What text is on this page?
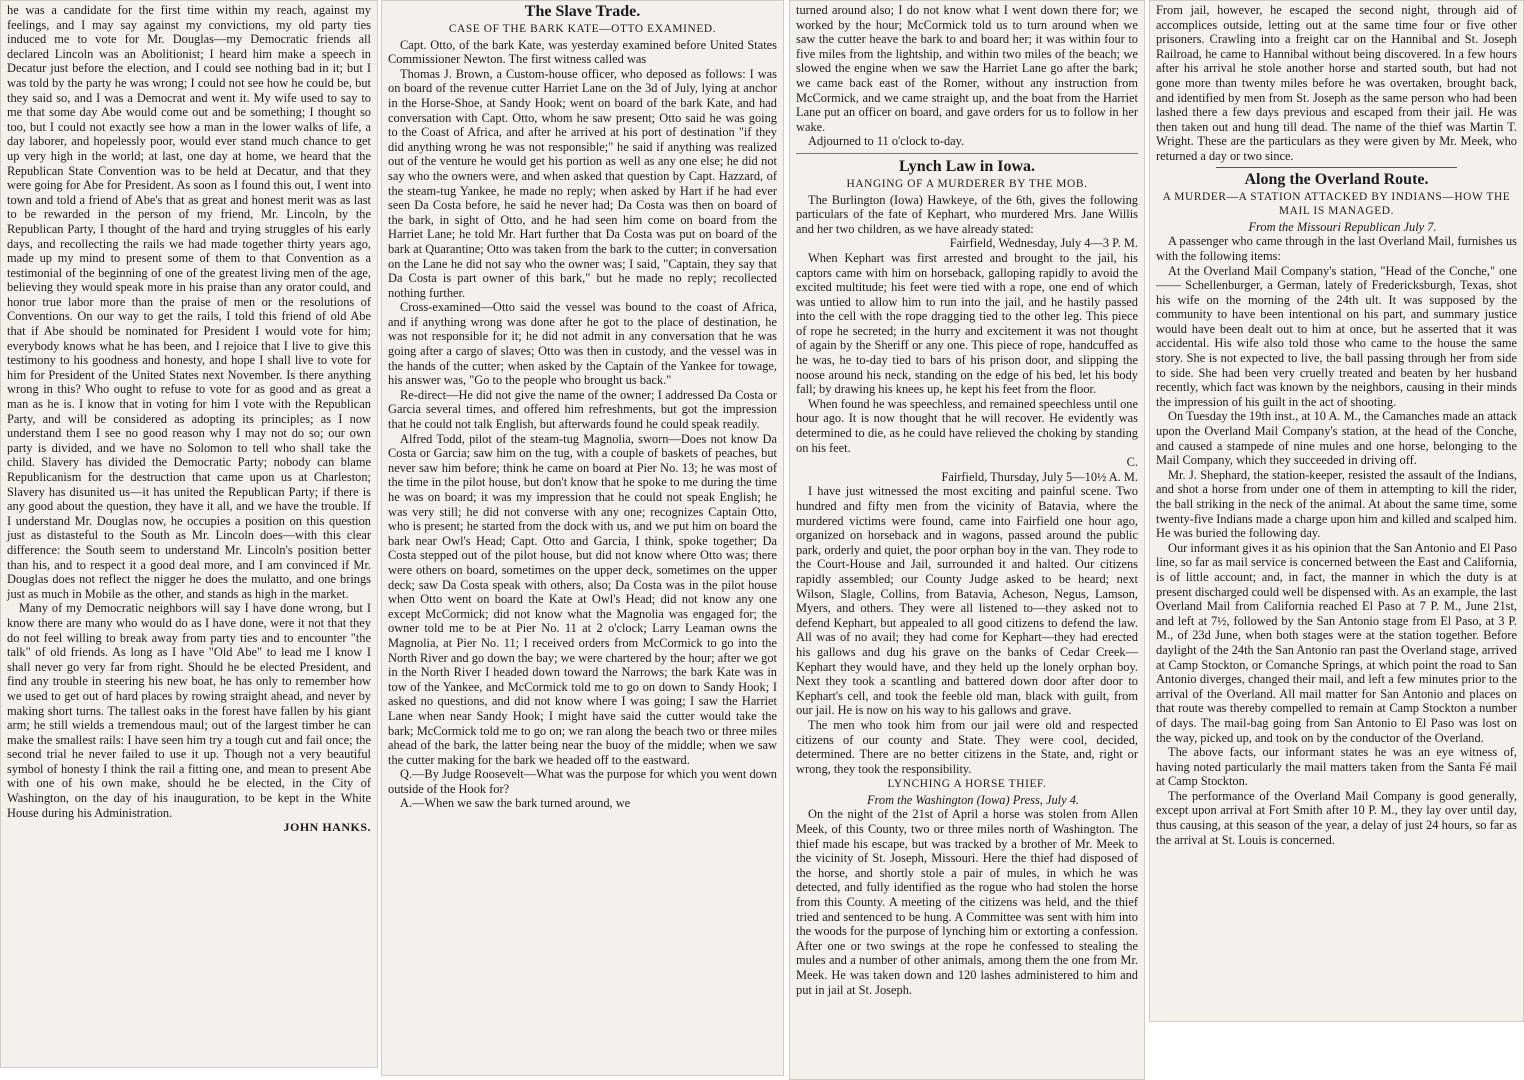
he was a candidate for the first time within my reach, against my feelings, and I may say against my convictions, my old party ties induced me to vote for Mr. Douglas—my Democratic friends all declared Lincoln was an Abolitionist; I heard him make a speech in Decatur just before the election, and I could see nothing bad in it; but I was told by the party he was wrong; I could not see how he could be, but they said so, and I was a Democrat and went it. My wife used to say to me that some day Abe would come out and be something; I thought so too, but I could not exactly see how a man in the lower walks of life, a day laborer, and hopelessly poor, would ever stand much chance to get up very high in the world; at last, one day at home, we heard that the Republican State Convention was to be held at Decatur, and that they were going for Abe for President. As soon as I found this out, I went into town and told a friend of Abe's that as great and honest merit was as last to be rewarded in the person of my friend, Mr. Lincoln, by the Republican Party, I thought of the hard and trying struggles of his early days, and recollecting the rails we had made together thirty years ago, made up my mind to present some of them to that Convention as a testimonial of the beginning of one of the greatest living men of the age, believing they would speak more in his praise than any orator could, and honor true labor more than the praise of men or the resolutions of Conventions. On our way to get the rails, I told this friend of old Abe that if Abe should be nominated for President I would vote for him; everybody knows what he has been, and I rejoice that I live to give this testimony to his goodness and honesty, and hope I shall live to vote for him for President of the United States next November. Is there anything wrong in this? Who ought to refuse to vote for as good and as great a man as he is. I know that in voting for him I vote with the Republican Party, and will be considered as adopting its principles; as I now understand them I see no good reason why I may not do so; our own party is divided, and we have no Solomon to tell who shall take the child. Slavery has divided the Democratic Party; nobody can blame Republicanism for the destruction that came upon us at Charleston; Slavery has disunited us—it has united the Republican Party; if there is any good about the question, they have it all, and we have the trouble. If I understand Mr. Douglas now, he occupies a position on this question just as distasteful to the South as Mr. Lincoln does—with this clear difference: the South seem to understand Mr. Lincoln's position better than his, and to respect it a good deal more, and I am convinced if Mr. Douglas does not reflect the nigger he does the mulatto, and one brings just as much in Mobile as the other, and stands as high in the market.

Many of my Democratic neighbors will say I have done wrong, but I know there are many who would do as I have done, were it not that they do not feel willing to break away from party ties and to encounter "the talk" of old friends. As long as I have "Old Abe" to lead me I know I shall never go very far from right. Should he be elected President, and find any trouble in steering his new boat, he has only to remember how we used to get out of hard places by rowing straight ahead, and never by making short turns. The tallest oaks in the forest have fallen by his giant arm; he still wields a tremendous maul; out of the largest timber he can make the smallest rails: I have seen him try a tough cut and fail once; the second trial he never failed to use it up. Though not a very beautiful symbol of honesty I think the rail a fitting one, and mean to present Abe with one of his own make, should he be elected, in the City of Washington, on the day of his inauguration, to be kept in the White House during his Administration.

JOHN HANKS.

The Slave Trade.
CASE OF THE BARK KATE—OTTO EXAMINED.

Capt. Otto, of the bark Kate, was yesterday examined before United States Commissioner Newton. The first witness called was

Thomas J. Brown, a Custom-house officer, who deposed as follows: I was on board of the revenue cutter Harriet Lane on the 3d of July, lying at anchor in the Horse-Shoe, at Sandy Hook; went on board of the bark Kate, and had conversation with Capt. Otto, whom he saw present; Otto said he was going to the Coast of Africa, and after he arrived at his port of destination "if they did anything wrong he was not responsible;" he said if anything was realized out of the venture he would get his portion as well as any one else; he did not say who the owners were, and when asked that question by Capt. Hazzard, of the steam-tug Yankee, he made no reply; when asked by Hart if he had ever seen Da Costa before, he said he never had; Da Costa was then on board of the bark, in sight of Otto, and he had seen him come on board from the Harriet Lane; he told Mr. Hart further that Da Costa was put on board of the bark at Quarantine; Otto was taken from the bark to the cutter; in conversation on the Lane he did not say who the owner was; I said, "Captain, they say that Da Costa is part owner of this bark," but he made no reply; recollected nothing further.

Cross-examined—Otto said the vessel was bound to the coast of Africa, and if anything wrong was done after he got to the place of destination, he was not responsible for it; he did not admit in any conversation that he was going after a cargo of slaves; Otto was then in custody, and the vessel was in the hands of the cutter; when asked by the Captain of the Yankee for towage, his answer was, "Go to the people who brought us back."

Re-direct—He did not give the name of the owner; I addressed Da Costa or Garcia several times, and offered him refreshments, but got the impression that he could not talk English, but afterwards found he could speak readily.

Alfred Todd, pilot of the steam-tug Magnolia, sworn—Does not know Da Costa or Garcia; saw him on the tug, with a couple of baskets of peaches, but never saw him before; think he came on board at Pier No. 13; he was most of the time in the pilot house, but don't know that he spoke to me during the time he was on board; it was my impression that he could not speak English; he was very still; he did not converse with any one; recognizes Captain Otto, who is present; he started from the dock with us, and we put him on board the bark near Owl's Head; Capt. Otto and Garcia, I think, spoke together; Da Costa stepped out of the pilot house, but did not know where Otto was; there were others on board, sometimes on the upper deck, sometimes on the upper deck; saw Da Costa speak with others, also; Da Costa was in the pilot house when Otto went on board the Kate at Owl's Head; did not know any one except McCormick; did not know what the Magnolia was engaged for; the owner told me to be at Pier No. 11 at 2 o'clock; Larry Leaman owns the Magnolia, at Pier No. 11; I received orders from McCormick to go into the North River and go down the bay; we were chartered by the hour; after we got in the North River I headed down toward the Narrows; the bark Kate was in tow of the Yankee, and McCormick told me to go on down to Sandy Hook; I asked no questions, and did not know where I was going; I saw the Harriet Lane when near Sandy Hook; I might have said the cutter would take the bark; McCormick told me to go on; we ran along the beach two or three miles ahead of the bark, the latter being near the buoy of the middle; when we saw the cutter making for the bark we headed off to the eastward.

Q.—By Judge Roosevelt—What was the purpose for which you went down outside of the Hook for?

A.—When we saw the bark turned around, we

turned around also; I do not know what I went down there for; we worked by the hour; McCormick told us to turn around when we saw the cutter heave the bark to and board her; it was within four to five miles from the lightship, and within two miles of the beach; we slowed the engine when we saw the Harriet Lane go after the bark; we came back east of the Romer, without any instruction from McCormick, and we came straight up, and the boat from the Harriet Lane put an officer on board, and gave orders for us to follow in her wake.

Adjourned to 11 o'clock to-day.

Lynch Law in Iowa.
HANGING OF A MURDERER BY THE MOB.

The Burlington (Iowa) Hawkeye, of the 6th, gives the following particulars of the fate of Kephart, who murdered Mrs. Jane Willis and her two children, as we have already stated:

Fairfield, Wednesday, July 4—3 P. M.

When Kephart was first arrested and brought to the jail, his captors came with him on horseback, galloping rapidly to avoid the excited multitude; his feet were tied with a rope, one end of which was untied to allow him to run into the jail, and he hastily passed into the cell with the rope dragging tied to the other leg. This piece of rope he secreted; in the hurry and excitement it was not thought of again by the Sheriff or any one. This piece of rope, handcuffed as he was, he to-day tied to bars of his prison door, and slipping the noose around his neck, standing on the edge of his bed, let his body fall; by drawing his knees up, he kept his feet from the floor.

When found he was speechless, and remained speechless until one hour ago. It is now thought that he will recover. He evidently was determined to die, as he could have relieved the choking by standing on his feet.

C.

Fairfield, Thursday, July 5—10½ A. M.

I have just witnessed the most exciting and painful scene. Two hundred and fifty men from the vicinity of Batavia, where the murdered victims were found, came into Fairfield one hour ago, organized on horseback and in wagons, passed around the public park, orderly and quiet, the poor orphan boy in the van. They rode to the Court-House and Jail, surrounded it and halted. Our citizens rapidly assembled; our County Judge asked to be heard; next Wilson, Slagle, Collins, from Batavia, Acheson, Negus, Lamson, Myers, and others. They were all listened to—they asked not to defend Kephart, but appealed to all good citizens to defend the law. All was of no avail; they had come for Kephart—they had erected his gallows and dug his grave on the banks of Cedar Creek—Kephart they would have, and they held up the lonely orphan boy. Next they took a scantling and battered down door after door to Kephart's cell, and took the feeble old man, black with guilt, from our jail. He is now on his way to his gallows and grave.

The men who took him from our jail were old and respected citizens of our county and State. They were cool, decided, determined. There are no better citizens in the State, and, right or wrong, they took the responsibility.

LYNCHING A HORSE THIEF.

From the Washington (Iowa) Press, July 4.

On the night of the 21st of April a horse was stolen from Allen Meek, of this County, two or three miles north of Washington. The thief made his escape, but was tracked by a brother of Mr. Meek to the vicinity of St. Joseph, Missouri. Here the thief had disposed of the horse, and shortly stole a pair of mules, in which he was detected, and fully identified as the rogue who had stolen the horse from this County. A meeting of the citizens was held, and the thief tried and sentenced to be hung. A Committee was sent with him into the woods for the purpose of lynching him or extorting a confession. After one or two swings at the rope he confessed to stealing the mules and a number of other animals, among them the one from Mr. Meek. He was taken down and 120 lashes administered to him and put in jail at St. Joseph.

From jail, however, he escaped the second night, through aid of accomplices outside, letting out at the same time four or five other prisoners. Crawling into a freight car on the Hannibal and St. Joseph Railroad, he came to Hannibal without being discovered. In a few hours after his arrival he stole another horse and started south, but had not gone more than twenty miles before he was overtaken, brought back, and identified by men from St. Joseph as the same person who had been lashed there a few days previous and escaped from their jail. He was then taken out and hung till dead. The name of the thief was Martin T. Wright. These are the particulars as they were given by Mr. Meek, who returned a day or two since.

Along the Overland Route.
A MURDER—A STATION ATTACKED BY INDIANS—HOW THE MAIL IS MANAGED.

From the Missouri Republican July 7.

A passenger who came through in the last Overland Mail, furnishes us with the following items:

At the Overland Mail Company's station, "Head of the Conche," one —— Schellenburger, a German, lately of Fredericksburgh, Texas, shot his wife on the morning of the 24th ult. It was supposed by the community to have been intentional on his part, and summary justice would have been dealt out to him at once, but he asserted that it was accidental. His wife also told those who came to the house the same story. She is not expected to live, the ball passing through her from side to side. She had been very cruelly treated and beaten by her husband recently, which fact was known by the neighbors, causing in their minds the impression of his guilt in the act of shooting.

On Tuesday the 19th inst., at 10 A. M., the Camanches made an attack upon the Overland Mail Company's station, at the head of the Conche, and caused a stampede of nine mules and one horse, belonging to the Mail Company, which they succeeded in driving off.

Mr. J. Shephard, the station-keeper, resisted the assault of the Indians, and shot a horse from under one of them in attempting to kill the rider, the ball striking in the neck of the animal. At about the same time, some twenty-five Indians made a charge upon him and killed and scalped him. He was buried the following day.

Our informant gives it as his opinion that the San Antonio and El Paso line, so far as mail service is concerned between the East and California, is of little account; and, in fact, the manner in which the duty is at present discharged could well be dispensed with. As an example, the last Overland Mail from California reached El Paso at 7 P. M., June 21st, and left at 7½, followed by the San Antonio stage from El Paso, at 3 P. M., of 23d June, when both stages were at the station together. Before daylight of the 24th the San Antonio ran past the Overland stage, arrived at Camp Stockton, or Comanche Springs, at which point the road to San Antonio diverges, changed their mail, and left a few minutes prior to the arrival of the Overland. All mail matter for San Antonio and places on that route was thereby compelled to remain at Camp Stockton a number of days. The mail-bag going from San Antonio to El Paso was lost on the way, picked up, and took on by the conductor of the Overland.

The above facts, our informant states he was an eye witness of, having noted particularly the mail matters taken from the Santa Fé mail at Camp Stockton.

The performance of the Overland Mail Company is good generally, except upon arrival at Fort Smith after 10 P. M., they lay over until day, thus causing, at this season of the year, a delay of just 24 hours, so far as the arrival at St. Louis is concerned.
